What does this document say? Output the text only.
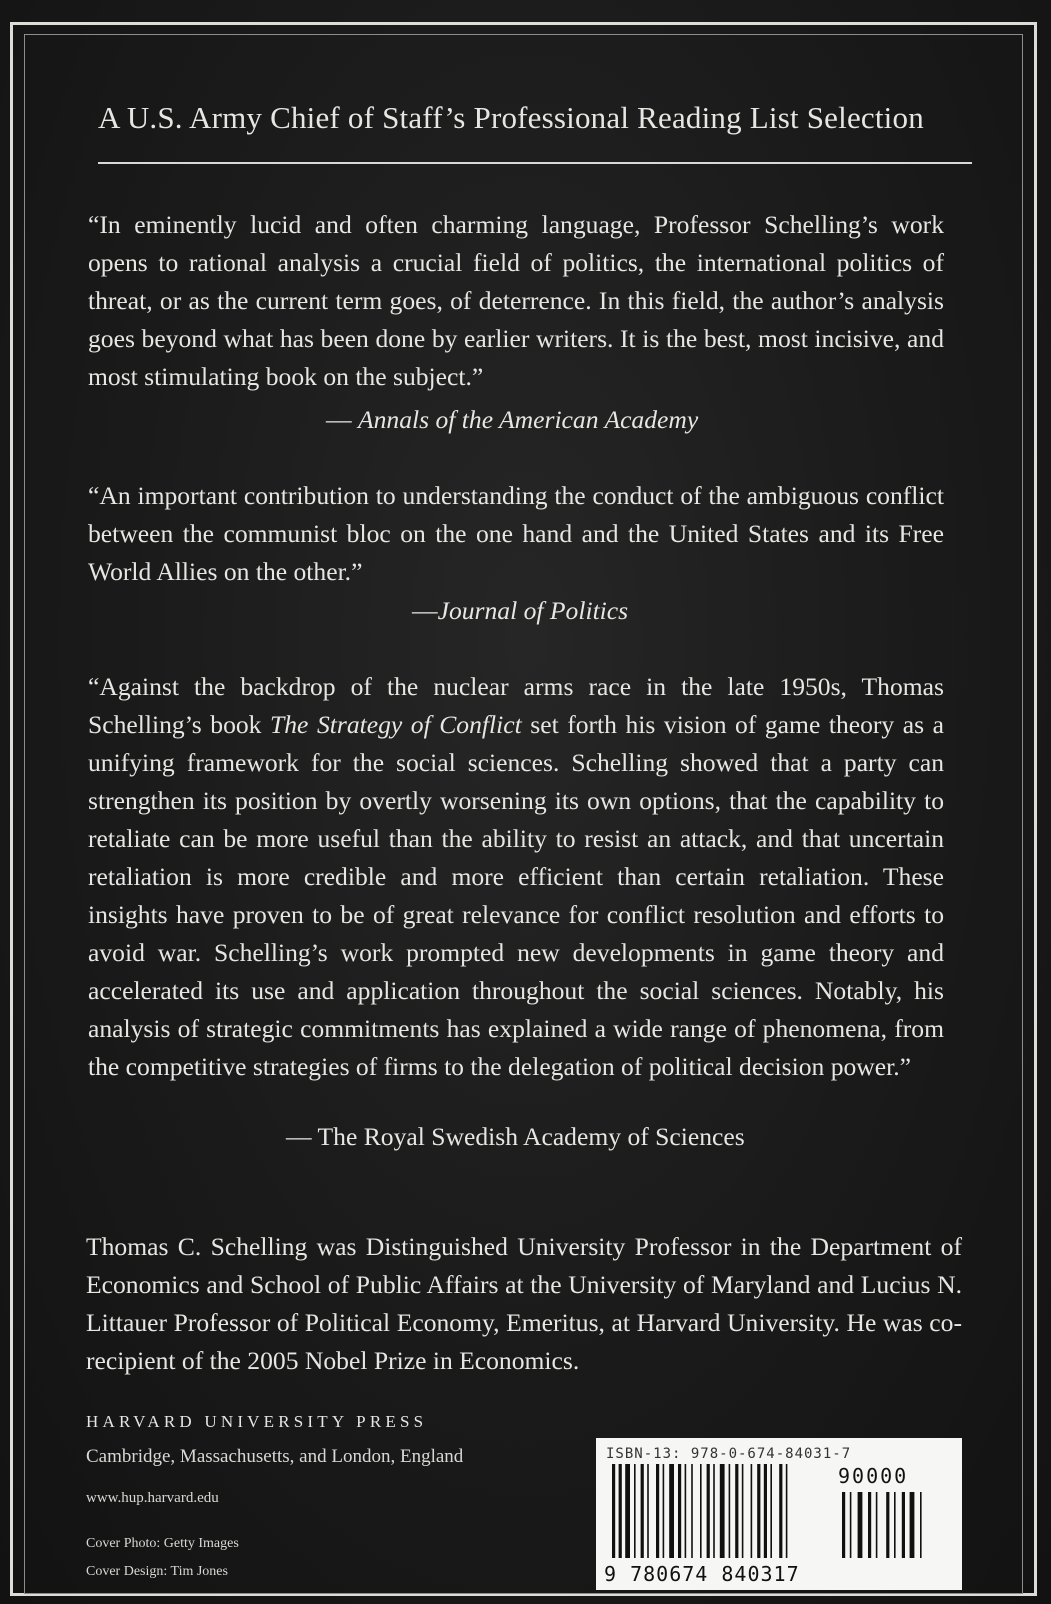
A U.S. Army Chief of Staff’s Professional Reading List Selection
“In eminently lucid and often charming language, Professor Schelling’s work opens to rational analysis a crucial field of politics, the international politics of threat, or as the current term goes, of deterrence. In this field, the author’s analysis goes beyond what has been done by earlier writers. It is the best, most incisive, and most stimulating book on the subject.”
— Annals of the American Academy
“An important contribution to understanding the conduct of the ambiguous conflict between the communist bloc on the one hand and the United States and its Free World Allies on the other.”
—Journal of Politics
“Against the backdrop of the nuclear arms race in the late 1950s, Thomas Schelling’s book The Strategy of Conflict set forth his vision of game theory as a unifying framework for the social sciences. Schelling showed that a party can strengthen its position by overtly worsening its own options, that the capability to retaliate can be more useful than the ability to resist an attack, and that uncertain retaliation is more credible and more efficient than certain retaliation. These insights have proven to be of great relevance for conflict resolution and efforts to avoid war. Schelling’s work prompted new developments in game theory and accelerated its use and application throughout the social sciences. Notably, his analysis of strategic commitments has explained a wide range of phenomena, from the competitive strategies of firms to the delegation of political decision power.”
— The Royal Swedish Academy of Sciences
Thomas C. Schelling was Distinguished University Professor in the Department of Economics and School of Public Affairs at the University of Maryland and Lucius N. Littauer Professor of Political Economy, Emeritus, at Harvard University. He was co-recipient of the 2005 Nobel Prize in Economics.
HARVARD UNIVERSITY PRESS
Cambridge, Massachusetts, and London, England
www.hup.harvard.edu
Cover Photo: Getty Images
Cover Design: Tim Jones
ISBN-13: 978-0-674-84031-7
90000
9 780674 840317
